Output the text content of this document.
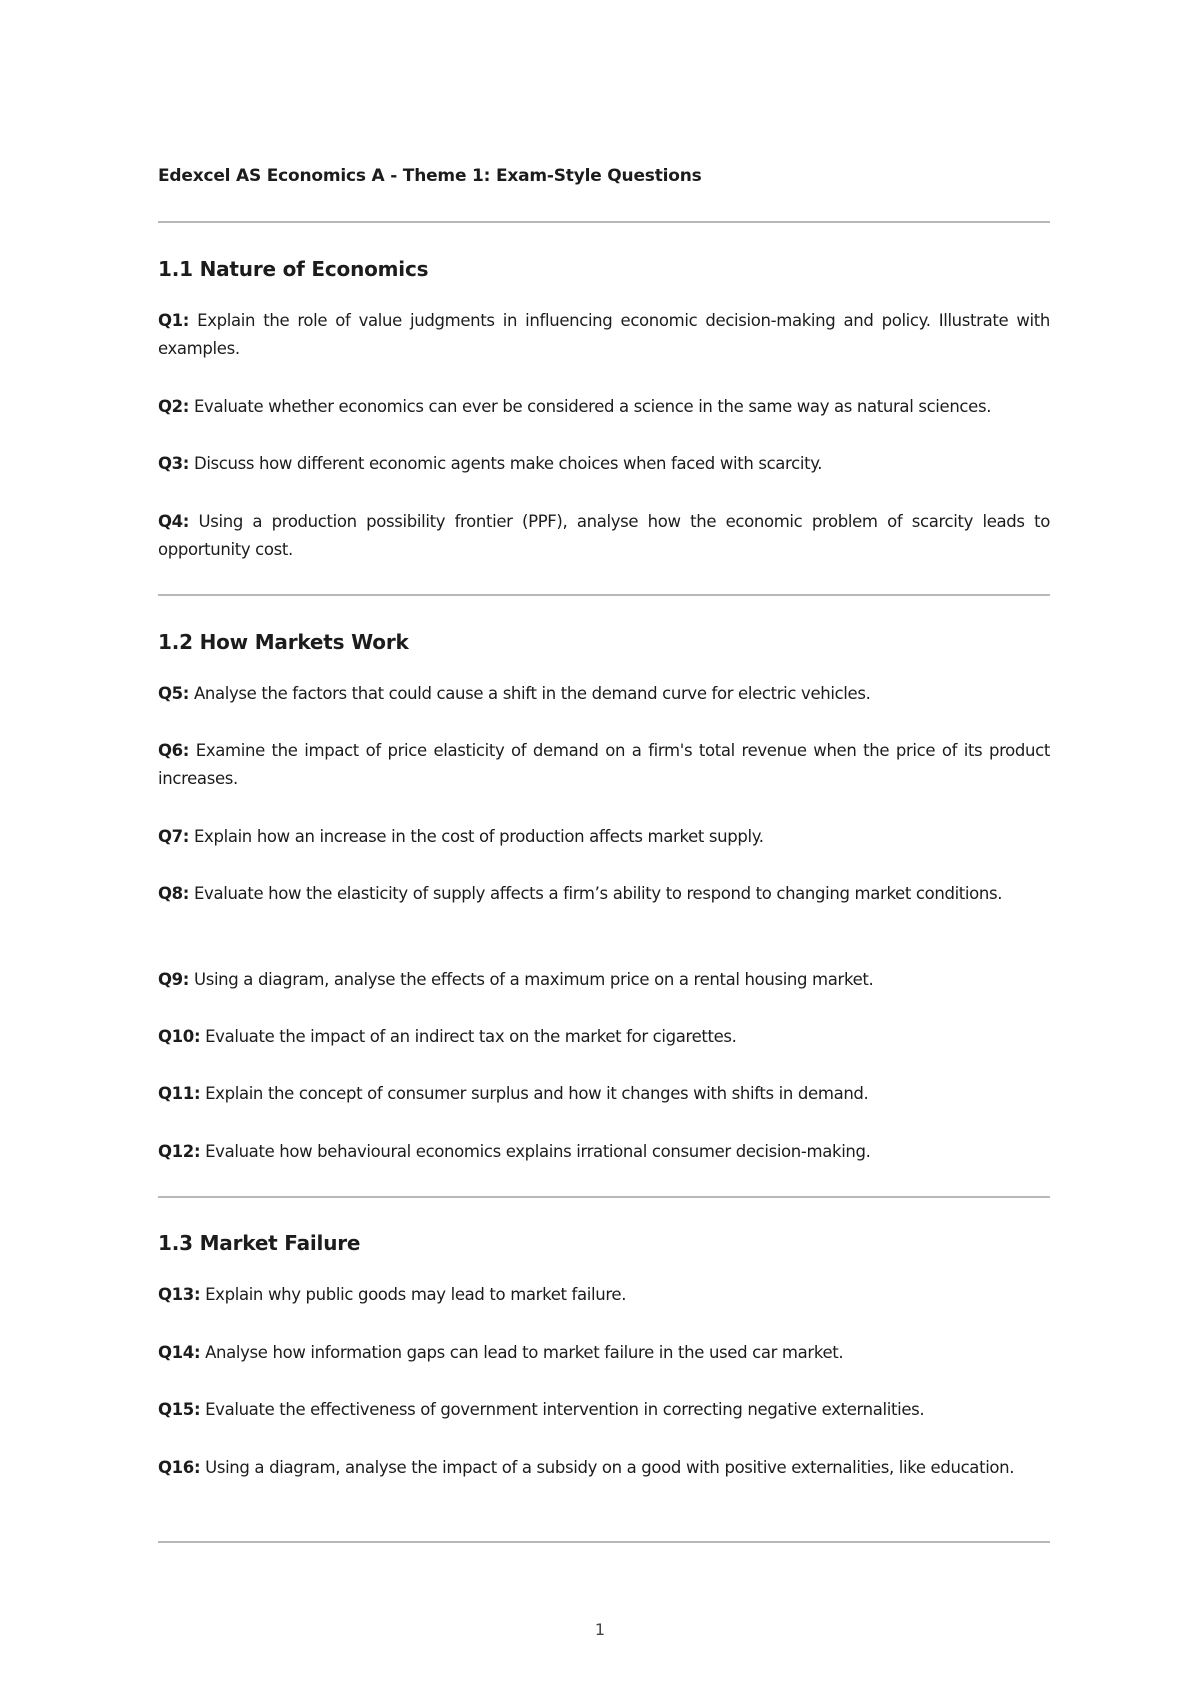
Edexcel AS Economics A - Theme 1: Exam-Style Questions
1.1 Nature of Economics
Q1: Explain the role of value judgments in influencing economic decision-making and policy. Illustrate with examples.
Q2: Evaluate whether economics can ever be considered a science in the same way as natural sciences.
Q3: Discuss how different economic agents make choices when faced with scarcity.
Q4: Using a production possibility frontier (PPF), analyse how the economic problem of scarcity leads to opportunity cost.
1.2 How Markets Work
Q5: Analyse the factors that could cause a shift in the demand curve for electric vehicles.
Q6: Examine the impact of price elasticity of demand on a firm's total revenue when the price of its product increases.
Q7: Explain how an increase in the cost of production affects market supply.
Q8: Evaluate how the elasticity of supply affects a firm’s ability to respond to changing market conditions.
Q9: Using a diagram, analyse the effects of a maximum price on a rental housing market.
Q10: Evaluate the impact of an indirect tax on the market for cigarettes.
Q11: Explain the concept of consumer surplus and how it changes with shifts in demand.
Q12: Evaluate how behavioural economics explains irrational consumer decision-making.
1.3 Market Failure
Q13: Explain why public goods may lead to market failure.
Q14: Analyse how information gaps can lead to market failure in the used car market.
Q15: Evaluate the effectiveness of government intervention in correcting negative externalities.
Q16: Using a diagram, analyse the impact of a subsidy on a good with positive externalities, like education.
1
